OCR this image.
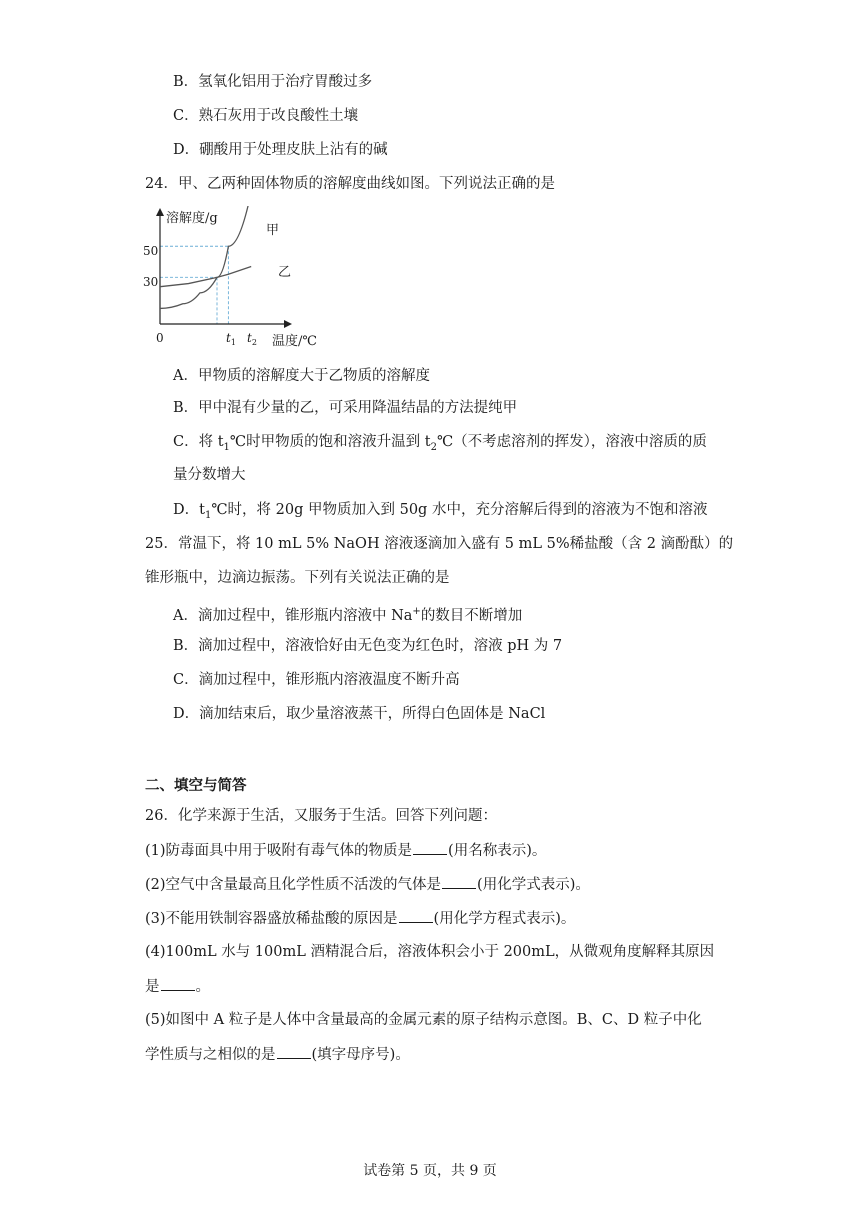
B．氢氧化铝用于治疗胃酸过多
C．熟石灰用于改良酸性土壤
D．硼酸用于处理皮肤上沾有的碱
24．甲、乙两种固体物质的溶解度曲线如图。下列说法正确的是
溶解度/g
温度/℃
0
50
30
$t_1$ $t_2$
甲
乙
A．甲物质的溶解度大于乙物质的溶解度
B．甲中混有少量的乙，可采用降温结晶的方法提纯甲
C．将 $t_1℃$时甲物质的饱和溶液升温到 $t_2℃$（不考虑溶剂的挥发），溶液中溶质的质
量分数增大
D．$t_1℃$时，将 20g 甲物质加入到 50g 水中，充分溶解后得到的溶液为不饱和溶液
25．常温下，将 10 mL 5% NaOH 溶液逐滴加入盛有 5 mL 5%稀盐酸（含 2 滴酚酞）的
锥形瓶中，边滴边振荡。下列有关说法正确的是
A．滴加过程中，锥形瓶内溶液中 Na+的数目不断增加
B．滴加过程中，溶液恰好由无色变为红色时，溶液 pH 为 7
C．滴加过程中，锥形瓶内溶液温度不断升高
D．滴加结束后，取少量溶液蒸干，所得白色固体是 NaCl
二、填空与简答
26．化学来源于生活，又服务于生活。回答下列问题：
(1)防毒面具中用于吸附有毒气体的物质是 (用名称表示)。
(2)空气中含量最高且化学性质不活泼的气体是 (用化学式表示)。
(3)不能用铁制容器盛放稀盐酸的原因是 (用化学方程式表示)。
(4)100mL 水与 100mL 酒精混合后，溶液体积会小于 200mL，从微观角度解释其原因
是 。
(5)如图中 A 粒子是人体中含量最高的金属元素的原子结构示意图。B、C、D 粒子中化
学性质与之相似的是 (填字母序号)。
试卷第 5 页，共 9 页
